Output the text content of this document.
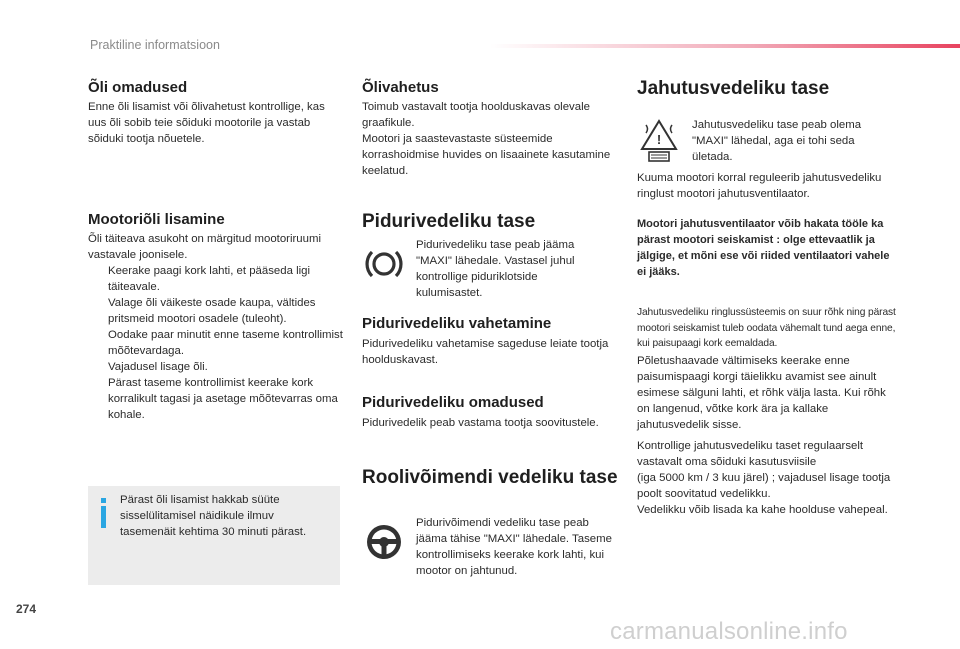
Praktiline informatsioon
Õli omadused

Enne õli lisamist või õlivahetust kontrollige, kas uus õli sobib teie sõiduki mootorile ja vastab sõiduki tootja nõuetele.

Mootoriõli lisamine
Õli täiteava asukoht on märgitud mootoriruumi vastavale joonisele.
Keerake paagi kork lahti, et pääseda ligi täiteavale.
Valage õli väikeste osade kaupa, vältides pritsmeid mootori osadele (tuleoht).
Oodake paar minutit enne taseme kontrollimist mõõtevardaga.
Vajadusel lisage õli.
Pärast taseme kontrollimist keerake kork korralikult tagasi ja asetage mõõtevarras oma kohale.

Pärast õli lisamist hakkab süüte sisselülitamisel näidikule ilmuv tasemenäit kehtima 30 minuti pärast.

Õlivahetus

Toimub vastavalt tootja hoolduskavas olevale graafikule.
Mootori ja saastevastaste süsteemide korrashoidmise huvides on lisaainete kasutamine keelatud.

Pidurivedeliku tase

Pidurivedeliku tase peab jääma "MAXI" lähedale. Vastasel juhul kontrollige piduriklotside kulumisastet.

Pidurivedeliku vahetamine

Pidurivedeliku vahetamise sageduse leiate tootja hoolduskavast.

Pidurivedeliku omadused

Pidurivedelik peab vastama tootja soovitustele.

Roolivõimendi vedeliku tase

Pidurivõimendi vedeliku tase peab jääma tähise "MAXI" lähedale. Taseme kontrollimiseks keerake kork lahti, kui mootor on jahtunud.

Jahutusvedeliku tase
!

Jahutusvedeliku tase peab olema "MAXI" lähedal, aga ei tohi seda ületada.

Kuuma mootori korral reguleerib jahutusvedeliku ringlust mootori jahutusventilaator.

Mootori jahutusventilaator võib hakata tööle ka pärast mootori seiskamist : olge ettevaatlik ja jälgige, et mõni ese või riided ventilaatori vahele ei jääks.

Jahutusvedeliku ringlussüsteemis on suur rõhk ning pärast mootori seiskamist tuleb oodata vähemalt tund aega enne, kui paisupaagi kork eemaldada.

Põletushaavade vältimiseks keerake enne paisumispaagi korgi täielikku avamist see ainult esimese sälguni lahti, et rõhk välja lasta. Kui rõhk on langenud, võtke kork ära ja kallake jahutusvedelik sisse.

Kontrollige jahutusvedeliku taset regulaarselt vastavalt oma sõiduki kasutusviisile
(iga 5000 km / 3 kuu järel) ; vajadusel lisage tootja poolt soovitatud vedelikku.
Vedelikku võib lisada ka kahe hoolduse vahepeal.

274
carmanualsonline.info
